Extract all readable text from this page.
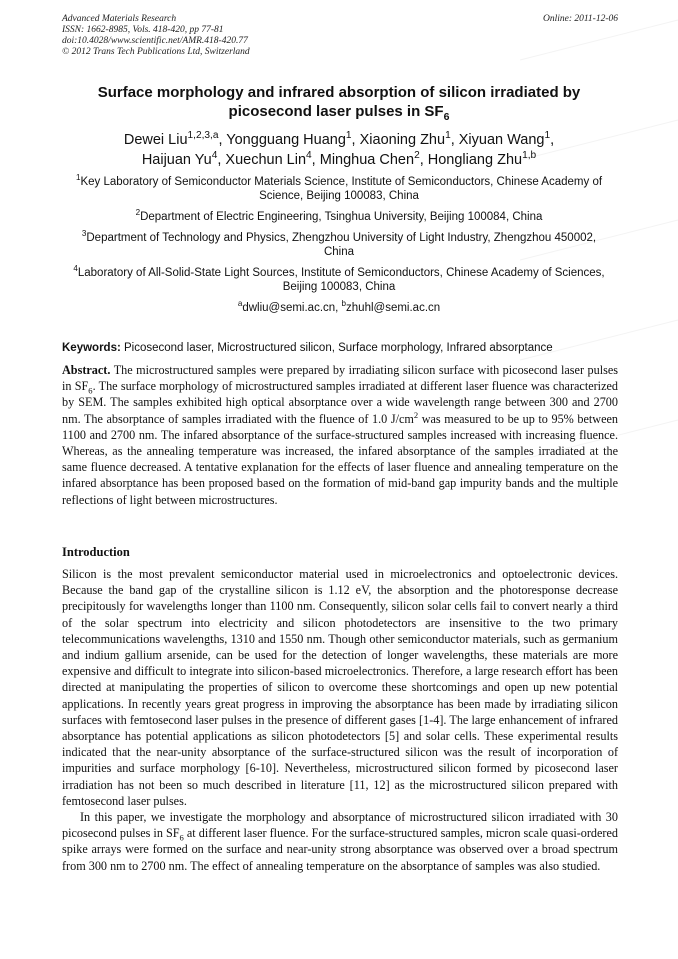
Advanced Materials Research
ISSN: 1662-8985, Vols. 418-420, pp 77-81
doi:10.4028/www.scientific.net/AMR.418-420.77
© 2012 Trans Tech Publications Ltd, Switzerland
Online: 2011-12-06
Surface morphology and infrared absorption of silicon irradiated by
picosecond laser pulses in $SF_6$
Dewei Liu$^{1,2,3,a}$, Yongguang Huang$^1$, Xiaoning Zhu$^1$, Xiyuan Wang$^1$,
Haijuan Yu$^4$, Xuechun Lin$^4$, Minghua Chen$^2$, Hongliang Zhu$^{1,b}$

$^1$Key Laboratory of Semiconductor Materials Science, Institute of Semiconductors, Chinese Academy of Science, Beijing 100083, China

$^2$Department of Electric Engineering, Tsinghua University, Beijing 100084, China

$^3$Department of Technology and Physics, Zhengzhou University of Light Industry, Zhengzhou 450002, China

$^4$Laboratory of All-Solid-State Light Sources, Institute of Semiconductors, Chinese Academy of Sciences, Beijing 100083, China

$^a$dwliu@semi.ac.cn, $^b$zhuhl@semi.ac.cn

Keywords: Picosecond laser, Microstructured silicon, Surface morphology, Infrared absorptance
Abstract. The microstructured samples were prepared by irradiating silicon surface with picosecond laser pulses in $SF_6$. The surface morphology of microstructured samples irradiated at different laser fluence was characterized by SEM. The samples exhibited high optical absorptance over a wide wavelength range between 300 and 2700 nm. The absorptance of samples irradiated with the fluence of 1.0 $J/cm^2$ was measured to be up to 95% between 1100 and 2700 nm. The infared absorptance of the surface-structured samples increased with increasing fluence. Whereas, as the annealing temperature was increased, the infared absorptance of the samples irradiated at the same fluence decreased. A tentative explanation for the effects of laser fluence and annealing temperature on the infared absorptance has been proposed based on the formation of mid-band gap impurity bands and the multiple reflections of light between microstructures.
Introduction

Silicon is the most prevalent semiconductor material used in microelectronics and optoelectronic devices. Because the band gap of the crystalline silicon is 1.12 eV, the absorption and the photoresponse decrease precipitously for wavelengths longer than 1100 nm. Consequently, silicon solar cells fail to convert nearly a third of the solar spectrum into electricity and silicon photodetectors are insensitive to the two primary telecommunications wavelengths, 1310 and 1550 nm. Though other semiconductor materials, such as germanium and indium gallium arsenide, can be used for the detection of longer wavelengths, these materials are more expensive and difficult to integrate into silicon-based microelectronics. Therefore, a large research effort has been directed at manipulating the properties of silicon to overcome these shortcomings and open up new potential applications. In recently years great progress in improving the absorptance has been made by irradiating silicon surfaces with femtosecond laser pulses in the presence of different gases [1-4]. The large enhancement of infrared absorptance has potential applications as silicon photodetectors [5] and solar cells. These experimental results indicated that the near-unity absorptance of the surface-structured silicon was the result of incorporation of impurities and surface morphology [6-10]. Nevertheless, microstructured silicon formed by picosecond laser irradiation has not been so much described in literature [11, 12] as the microstructured silicon prepared with femtosecond laser pulses.

In this paper, we investigate the morphology and absorptance of microstructured silicon irradiated with 30 picosecond pulses in $SF_6$ at different laser fluence. For the surface-structured samples, micron scale quasi-ordered spike arrays were formed on the surface and near-unity strong absorptance was observed over a broad spectrum from 300 nm to 2700 nm. The effect of annealing temperature on the absorptance of samples was also studied.
